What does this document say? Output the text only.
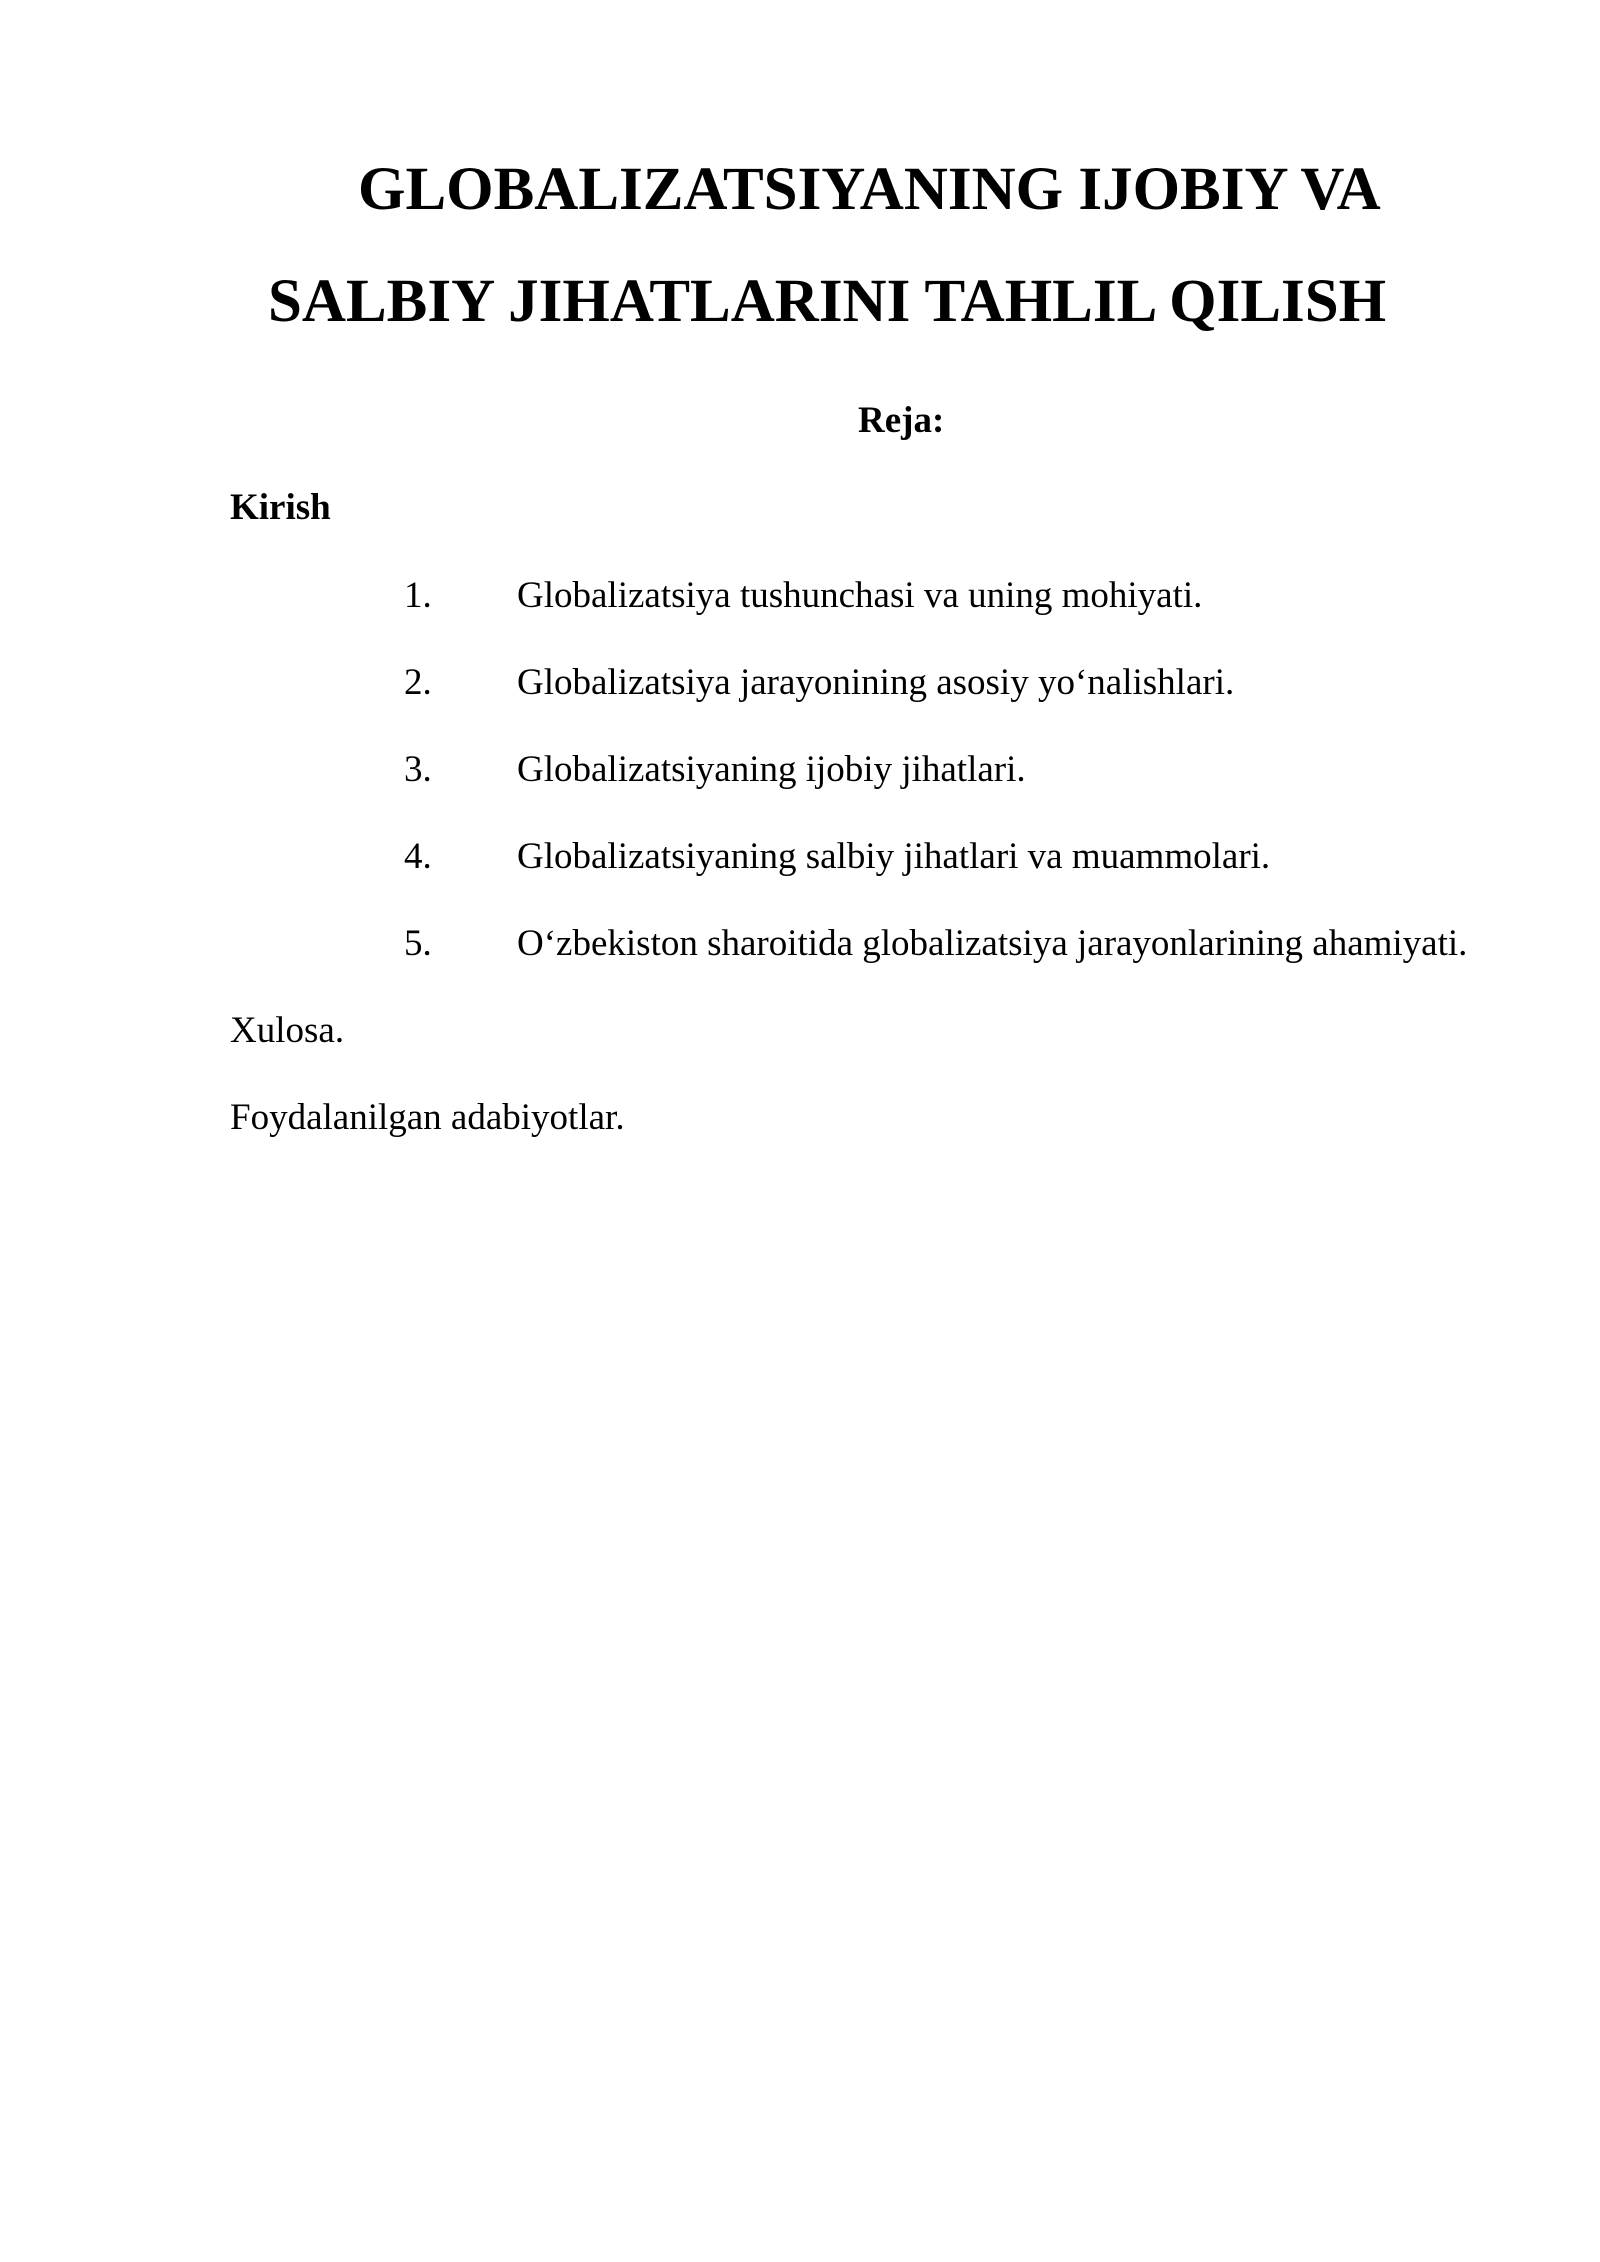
GLOBALIZATSIYANING IJOBIY VA
SALBIY JIHATLARINI TAHLIL QILISH
Reja:
Kirish
1. Globalizatsiya tushunchasi va uning mohiyati.
2. Globalizatsiya jarayonining asosiy yo‘nalishlari.
3. Globalizatsiyaning ijobiy jihatlari.
4. Globalizatsiyaning salbiy jihatlari va muammolari.
5. O‘zbekiston sharoitida globalizatsiya jarayonlarining ahamiyati.
Xulosa.
Foydalanilgan adabiyotlar.
